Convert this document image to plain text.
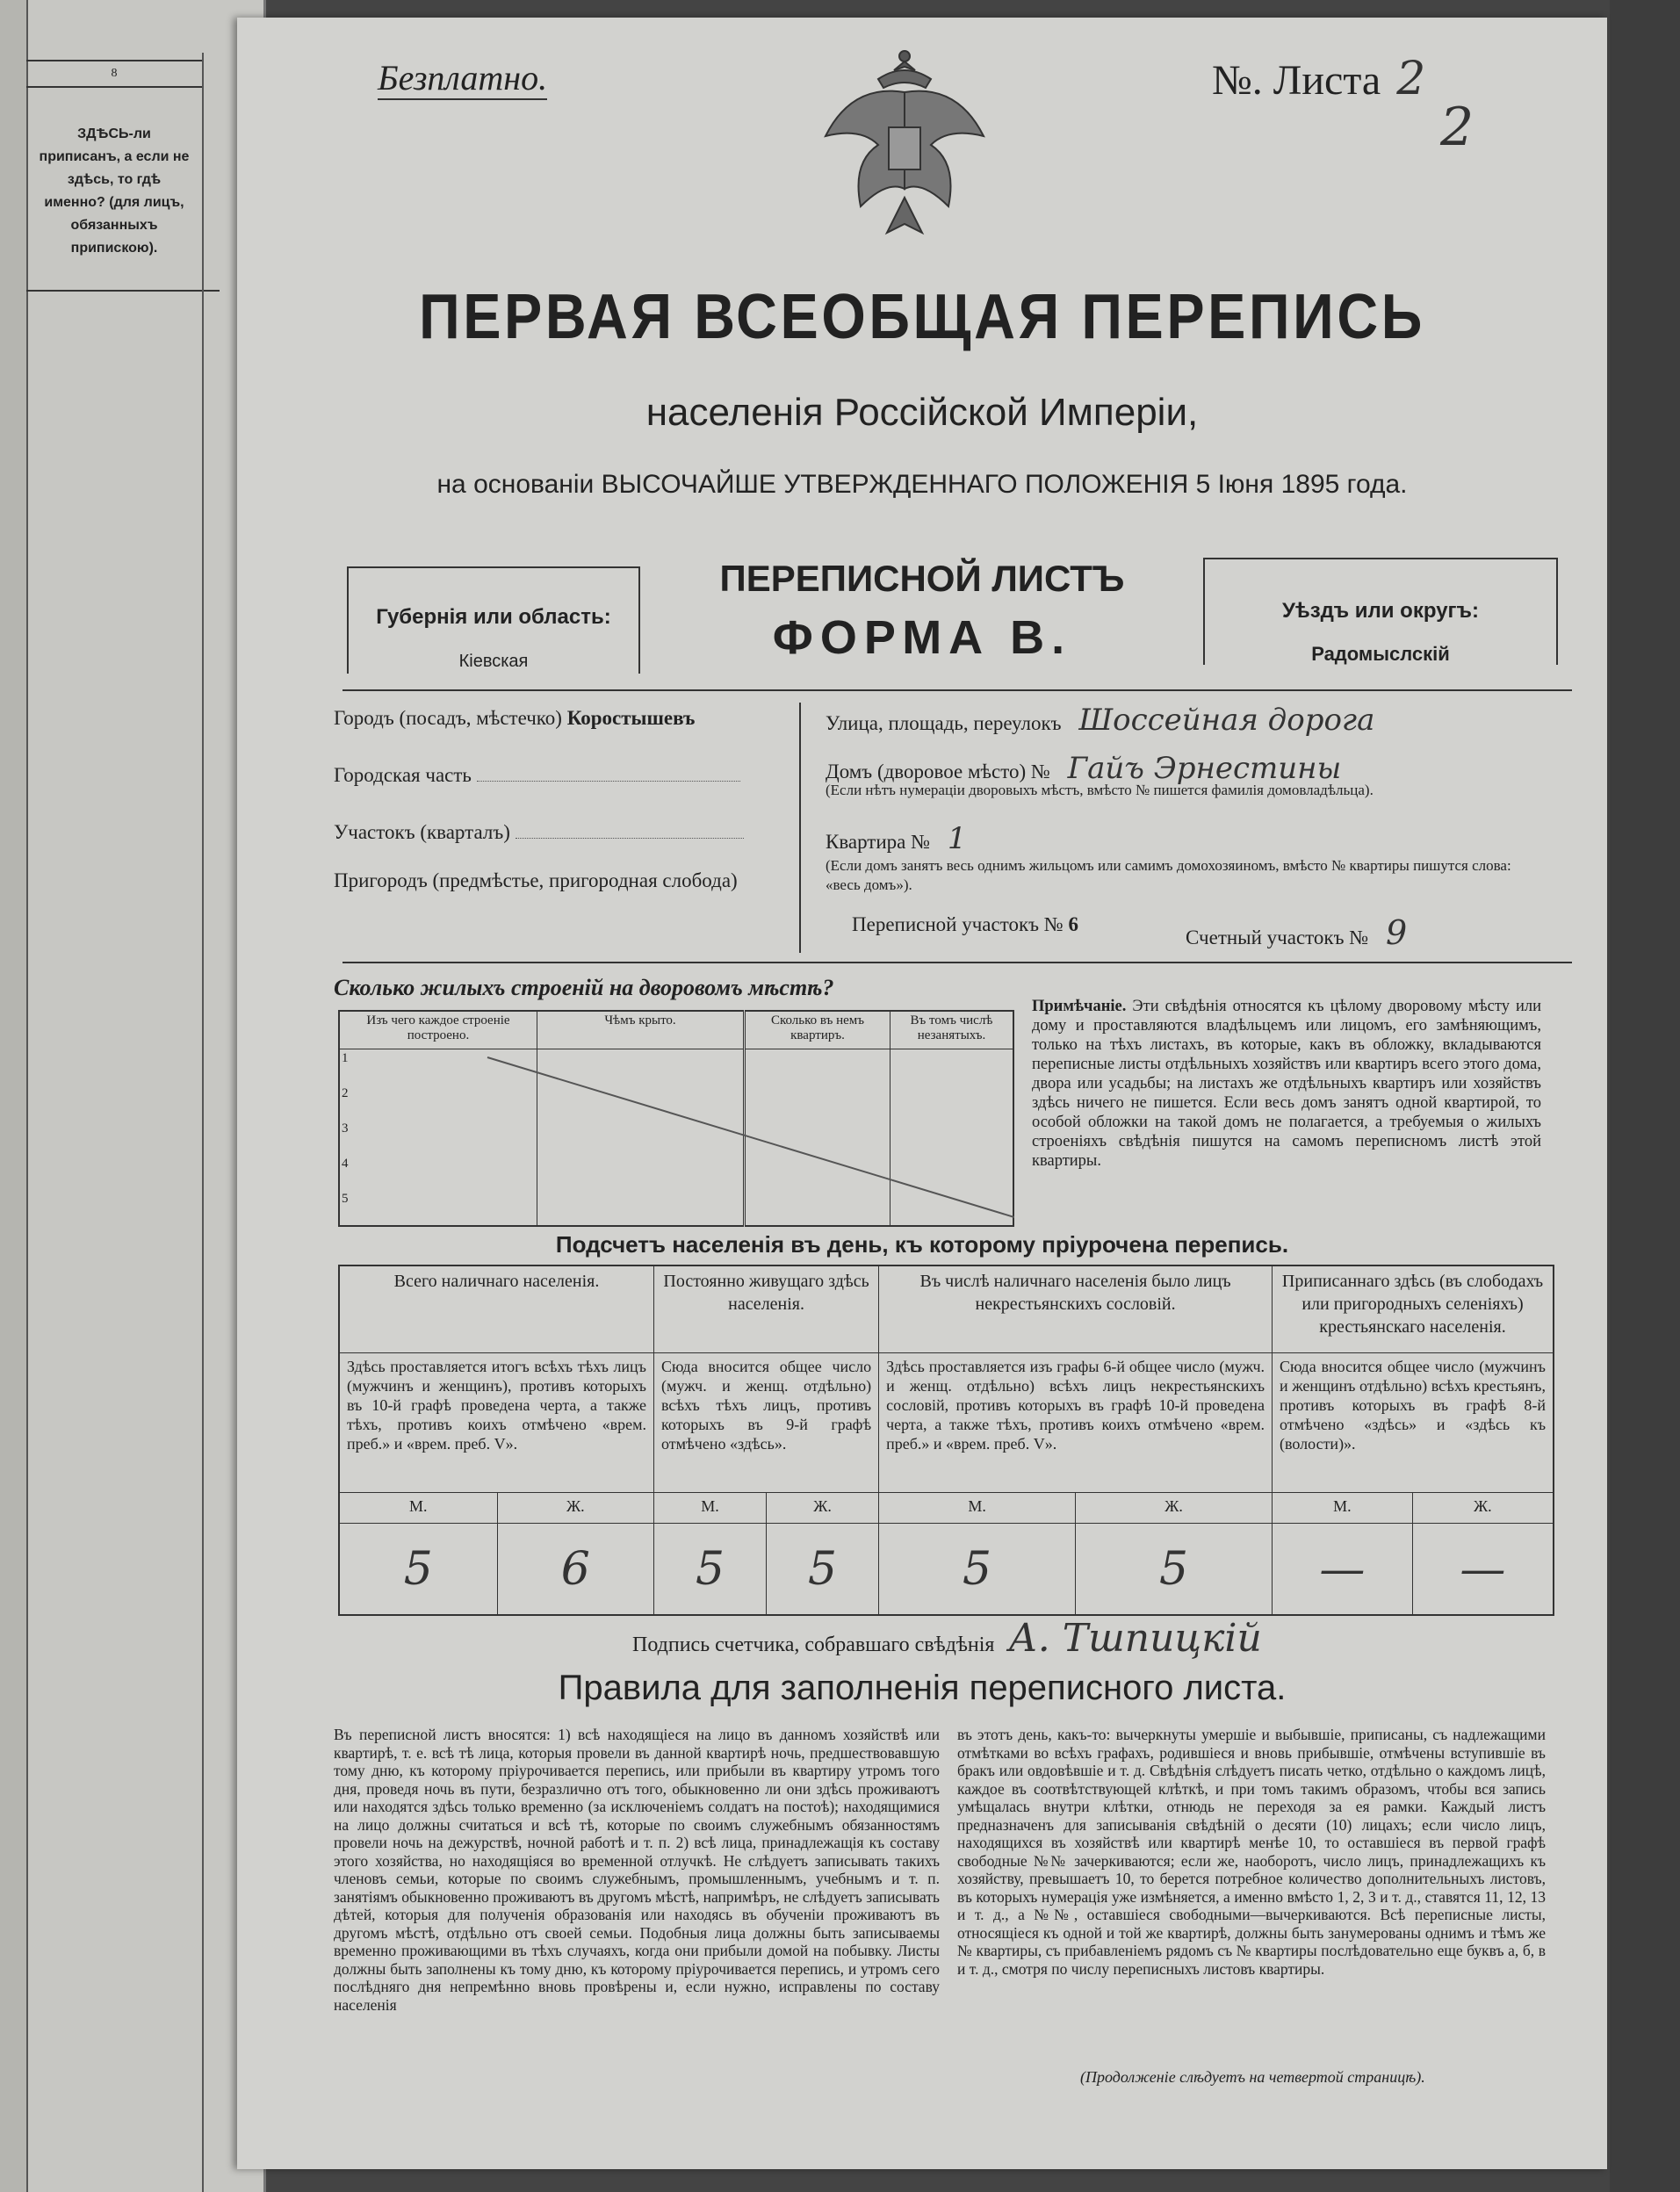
8
ЗДѢСЬ-ли приписанъ, а если не здѣсь, то гдѣ именно? (для лицъ, обязанныхъ припискою).
Безплатно.	№. Листа 2
2
ПЕРВАЯ ВСЕОБЩАЯ ПЕРЕПИСЬ
населенія Россійской Имперіи,
на основаніи ВЫСОЧАЙШЕ УТВЕРЖДЕННАГО ПОЛОЖЕНІЯ 5 Іюня 1895 года.
Губернія или область:
Кіевская
ПЕРЕПИСНОЙ ЛИСТЪ
ФОРМА В.
Уѣздъ или округъ:
Радомыслскій
Городъ (посадъ, мѣстечко) Коростышевъ
Городская часть
Участокъ (кварталъ)
Пригородъ (предмѣстье, пригородная слобода)
Улица, площадь, переулокъ Шоссейная дорога
Домъ (дворовое мѣсто) № Гайъ Эрнестины
(Если нѣтъ нумераціи дворовыхъ мѣстъ, вмѣсто № пишется фамилія домовладѣльца).
Квартира № 1
(Если домъ занятъ весь однимъ жильцомъ или самимъ домохозяиномъ, вмѣсто № квартиры пишутся слова: «весь домъ»).
Переписной участокъ № 6
Счетный участокъ № 9
Сколько жилыхъ строеній на дворовомъ мѣстѣ?
Изъ чего каждое строеніе построено.	Чѣмъ крыто.	Сколько въ немъ квартиръ.	Въ томъ числѣ незанятыхъ.
1			
2			
3			
4			
5			
Примѣчаніе. Эти свѣдѣнія относятся къ цѣлому дворовому мѣсту или дому и проставляются владѣльцемъ или лицомъ, его замѣняющимъ, только на тѣхъ листахъ, въ которые, какъ въ обложку, вкладываются переписные листы отдѣльныхъ хозяйствъ или квартиръ всего этого дома, двора или усадьбы; на листахъ же отдѣльныхъ квартиръ или хозяйствъ здѣсь ничего не пишется. Если весь домъ занятъ одной квартирой, то особой обложки на такой домъ не полагается, а требуемыя о жилыхъ строеніяхъ свѣдѣнія пишутся на самомъ переписномъ листѣ этой квартиры.
Подсчетъ населенія въ день, къ которому пріурочена перепись.
Всего наличнаго населенія.		Постоянно живущаго здѣсь населенія.		Въ числѣ наличнаго населенія было лицъ некрестьянскихъ сословій.		Приписаннаго здѣсь (въ слободахъ или пригородныхъ селеніяхъ) крестьянскаго населенія.	
Здѣсь проставляется итогъ всѣхъ тѣхъ лицъ (мужчинъ и женщинъ), противъ которыхъ въ 10-й графѣ проведена черта, а также тѣхъ, противъ коихъ отмѣчено «врем. преб.» и «врем. преб. V».		Сюда вносится общее число (мужч. и женщ. отдѣльно) всѣхъ тѣхъ лицъ, противъ которыхъ въ 9-й графѣ отмѣчено «здѣсь».		Здѣсь проставляется изъ графы 6-й общее число (мужч. и женщ. отдѣльно) всѣхъ лицъ некрестьянскихъ сословій, противъ которыхъ въ графѣ 10-й проведена черта, а также тѣхъ, противъ коихъ отмѣчено «врем. преб.» и «врем. преб. V».		Сюда вносится общее число (мужчинъ и женщинъ отдѣльно) всѣхъ крестьянъ, противъ которыхъ въ графѣ 8-й отмѣчено «здѣсь» и «здѣсь къ (волости)».	
М.	Ж.	М.	Ж.	М.	Ж.	М.	Ж.
5	6	5	5	5	5	—	—
Подпись счетчика, собравшаго свѣдѣнія А. Тшпицкій
Правила для заполненія переписного листа.
Въ переписной листъ вносятся: 1) всѣ находящіеся на лицо въ данномъ хозяйствѣ или квартирѣ, т. е. всѣ тѣ лица, которыя провели въ данной квартирѣ ночь, предшествовавшую тому дню, къ которому пріурочивается перепись, или прибыли въ квартиру утромъ того дня, проведя ночь въ пути, безразлично отъ того, обыкновенно ли они здѣсь проживаютъ или находятся здѣсь только временно (за исключеніемъ солдатъ на постоѣ); находящимися на лицо должны считаться и всѣ тѣ, которые по своимъ служебнымъ обязанностямъ провели ночь на дежурствѣ, ночной работѣ и т. п. 2) всѣ лица, принадлежащія къ составу этого хозяйства, но находящіяся во временной отлучкѣ. Не слѣдуетъ записывать такихъ членовъ семьи, которые по своимъ служебнымъ, промышленнымъ, учебнымъ и т. п. занятіямъ обыкновенно проживаютъ въ другомъ мѣстѣ, напримѣръ, не слѣдуетъ записывать дѣтей, которыя для полученія образованія или находясь въ обученіи проживаютъ въ другомъ мѣстѣ, отдѣльно отъ своей семьи. Подобныя лица должны быть записываемы временно проживающими въ тѣхъ случаяхъ, когда они прибыли домой на побывку. Листы должны быть заполнены къ тому дню, къ которому пріурочивается перепись, и утромъ сего послѣдняго дня непремѣнно вновь провѣрены и, если нужно, исправлены по составу населенія
въ этотъ день, какъ-то: вычеркнуты умершіе и выбывшіе, приписаны, съ надлежащими отмѣтками во всѣхъ графахъ, родившіеся и вновь прибывшіе, отмѣчены вступившіе въ бракъ или овдовѣвшіе и т. д. Свѣдѣнія слѣдуетъ писать четко, отдѣльно о каждомъ лицѣ, каждое въ соотвѣтствующей клѣткѣ, и при томъ такимъ образомъ, чтобы вся запись умѣщалась внутри клѣтки, отнюдь не переходя за ея рамки. Каждый листъ предназначенъ для записыванія свѣдѣній о десяти (10) лицахъ; если число лицъ, находящихся въ хозяйствѣ или квартирѣ менѣе 10, то оставшіеся въ первой графѣ свободные №№ зачеркиваются; если же, наоборотъ, число лицъ, принадлежащихъ къ хозяйству, превышаетъ 10, то берется потребное количество дополнительныхъ листовъ, въ которыхъ нумерація уже измѣняется, а именно вмѣсто 1, 2, 3 и т. д., ставятся 11, 12, 13 и т. д., а №№, оставшіеся свободными—вычеркиваются. Всѣ переписные листы, относящіеся къ одной и той же квартирѣ, должны быть занумерованы однимъ и тѣмъ же № квартиры, съ прибавленіемъ рядомъ съ № квартиры послѣдовательно еще буквъ а, б, в и т. д., смотря по числу переписныхъ листовъ квартиры.
(Продолженіе слѣдуетъ на четвертой страницѣ).
